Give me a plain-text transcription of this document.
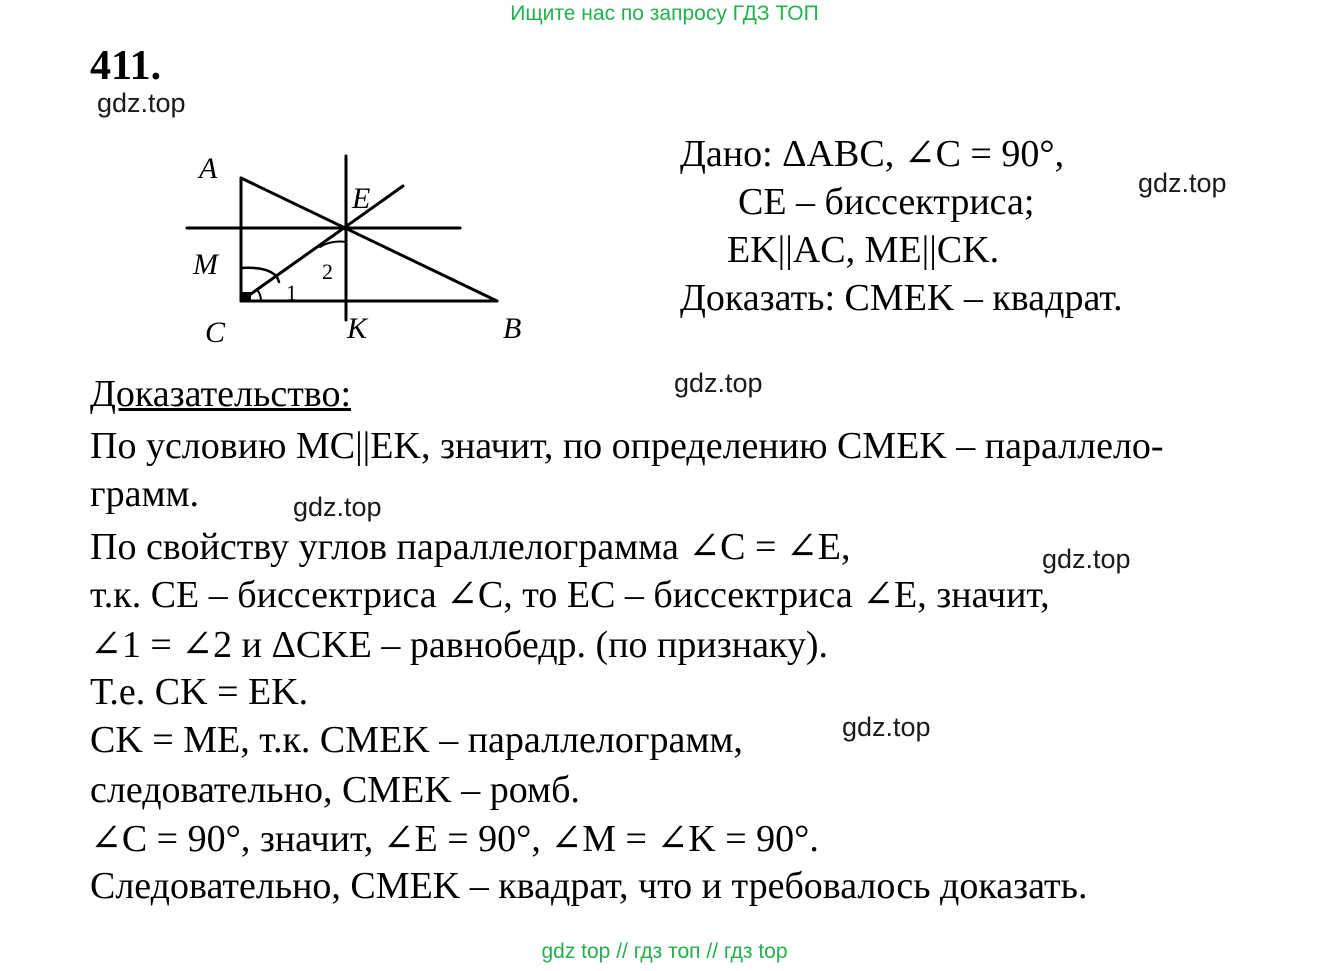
Ищите нас по запросу ГДЗ ТОП
411.
gdz.top
gdz.top
gdz.top
gdz.top
gdz.top
gdz.top
A
E
M
C	K	B
2
1
Дано: ΔABC, ∠C = 90°,
CE – биссектриса;
EK||AC, ME||CK.
Доказать: CMEK – квадрат.
Доказательство:
По условию MC||EK, значит, по определению CMEK – параллело-
грамм.
По свойству углов параллелограмма ∠C = ∠E,
т.к. CE – биссектриса ∠C, то EC – биссектриса ∠E, значит,
∠1 = ∠2 и ΔCKE – равнобедр. (по признаку).
Т.е. CK = EK.
CK = ME, т.к. CMEK – параллелограмм,
следовательно, CMEK – ромб.
∠C = 90°, значит, ∠E = 90°, ∠M = ∠K = 90°.
Следовательно, CMEK – квадрат, что и требовалось доказать.
gdz top // гдз топ // гдз top
